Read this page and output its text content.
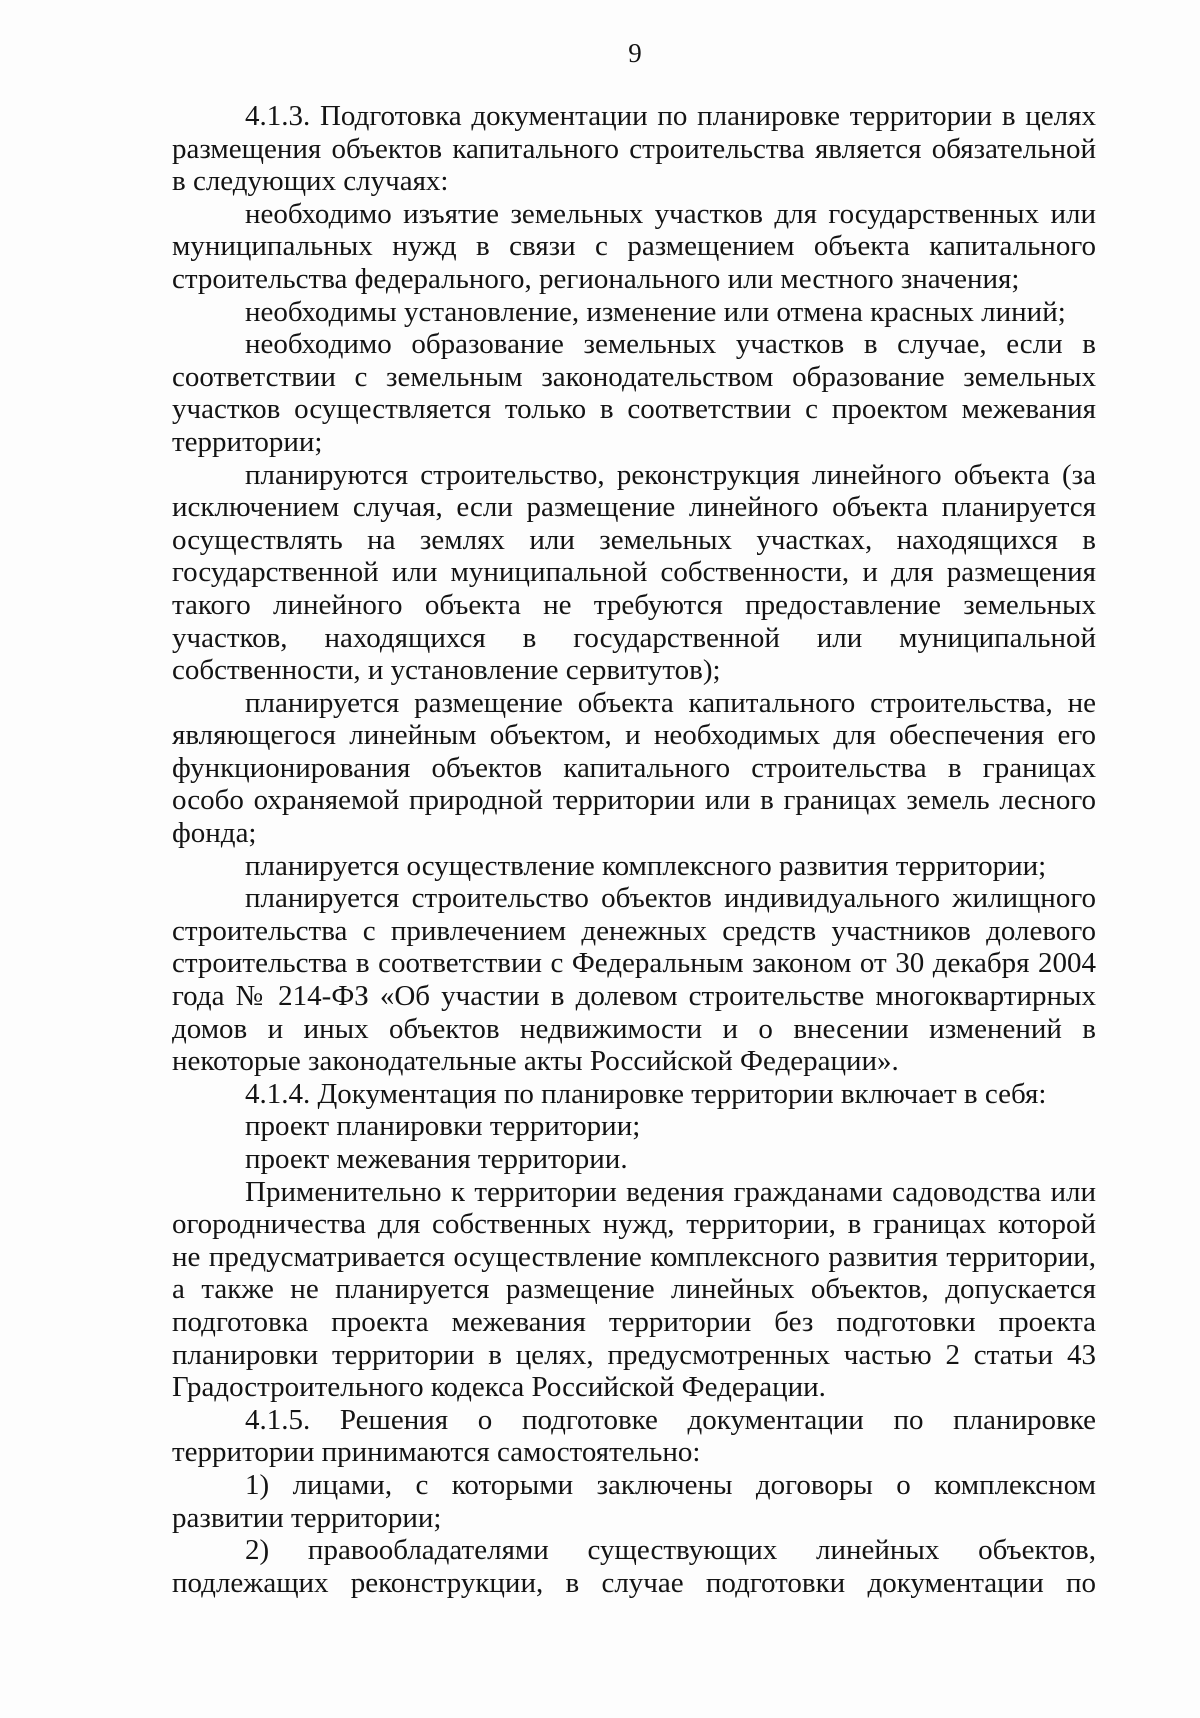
9

4.1.3. Подготовка документации по планировке территории в целях размещения объектов капитального строительства является обязательной в следующих случаях:

необходимо изъятие земельных участков для государственных или муниципальных нужд в связи с размещением объекта капитального строительства федерального, регионального или местного значения;

необходимы установление, изменение или отмена красных линий;

необходимо образование земельных участков в случае, если в соответствии с земельным законодательством образование земельных участков осуществляется только в соответствии с проектом межевания территории;

планируются строительство, реконструкция линейного объекта (за исключением случая, если размещение линейного объекта планируется осуществлять на землях или земельных участках, находящихся в государственной или муниципальной собственности, и для размещения такого линейного объекта не требуются предоставление земельных участков, находящихся в государственной или муниципальной собственности, и установление сервитутов);

планируется размещение объекта капитального строительства, не являющегося линейным объектом, и необходимых для обеспечения его функционирования объектов капитального строительства в границах особо охраняемой природной территории или в границах земель лесного фонда;

планируется осуществление комплексного развития территории;

планируется строительство объектов индивидуального жилищного строительства с привлечением денежных средств участников долевого строительства в соответствии с Федеральным законом от 30 декабря 2004 года № 214-ФЗ «Об участии в долевом строительстве многоквартирных домов и иных объектов недвижимости и о внесении изменений в некоторые законодательные акты Российской Федерации».

4.1.4. Документация по планировке территории включает в себя:

проект планировки территории;

проект межевания территории.

Применительно к территории ведения гражданами садоводства или огородничества для собственных нужд, территории, в границах которой не предусматривается осуществление комплексного развития территории, а также не планируется размещение линейных объектов, допускается подготовка проекта межевания территории без подготовки проекта планировки территории в целях, предусмотренных частью 2 статьи 43 Градостроительного кодекса Российской Федерации.

4.1.5. Решения о подготовке документации по планировке территории принимаются самостоятельно:

1) лицами, с которыми заключены договоры о комплексном развитии территории;

2) правообладателями существующих линейных объектов, подлежащих реконструкции, в случае подготовки документации по
